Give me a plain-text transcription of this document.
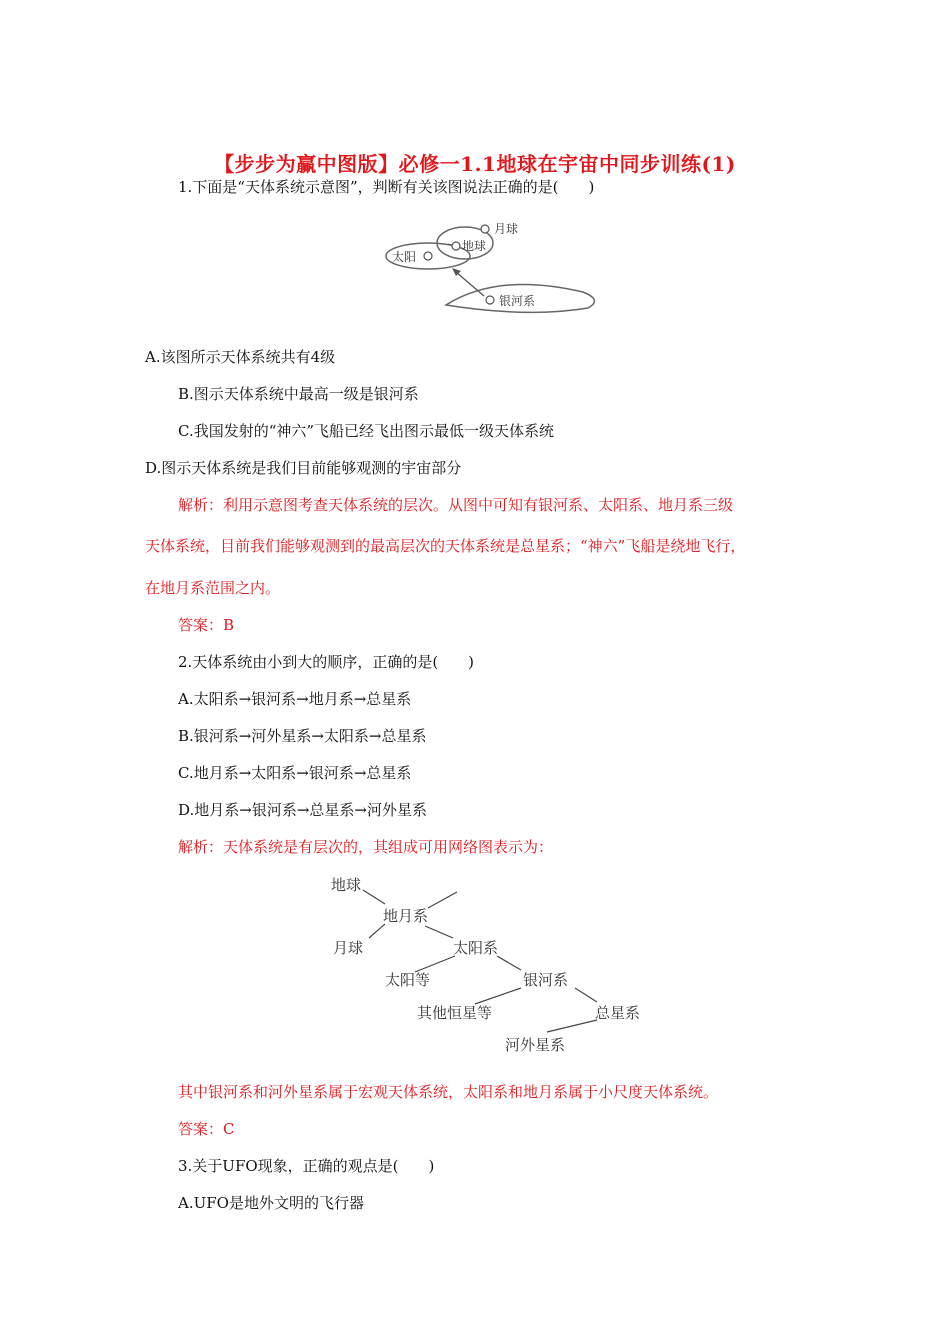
【步步为赢中图版】必修一1.1地球在宇宙中同步训练(1)
1.下面是“天体系统示意图”，判断有关该图说法正确的是(　　)
月球
地球
太阳
银河系
A.该图所示天体系统共有4级
B.图示天体系统中最高一级是银河系
C.我国发射的“神六”飞船已经飞出图示最低一级天体系统
D.图示天体系统是我们目前能够观测的宇宙部分
解析：利用示意图考查天体系统的层次。从图中可知有银河系、太阳系、地月系三级
天体系统，目前我们能够观测到的最高层次的天体系统是总星系；“神六”飞船是绕地飞行，
在地月系范围之内。
答案：B
2.天体系统由小到大的顺序，正确的是(　　)
A.太阳系→银河系→地月系→总星系
B.银河系→河外星系→太阳系→总星系
C.地月系→太阳系→银河系→总星系
D.地月系→银河系→总星系→河外星系
解析：天体系统是有层次的，其组成可用网络图表示为：
地球
地月系
月球	太阳系
太阳等	银河系
其他恒星等	总星系
河外星系
其中银河系和河外星系属于宏观天体系统，太阳系和地月系属于小尺度天体系统。
答案：C
3.关于UFO现象，正确的观点是(　　)
A.UFO是地外文明的飞行器
